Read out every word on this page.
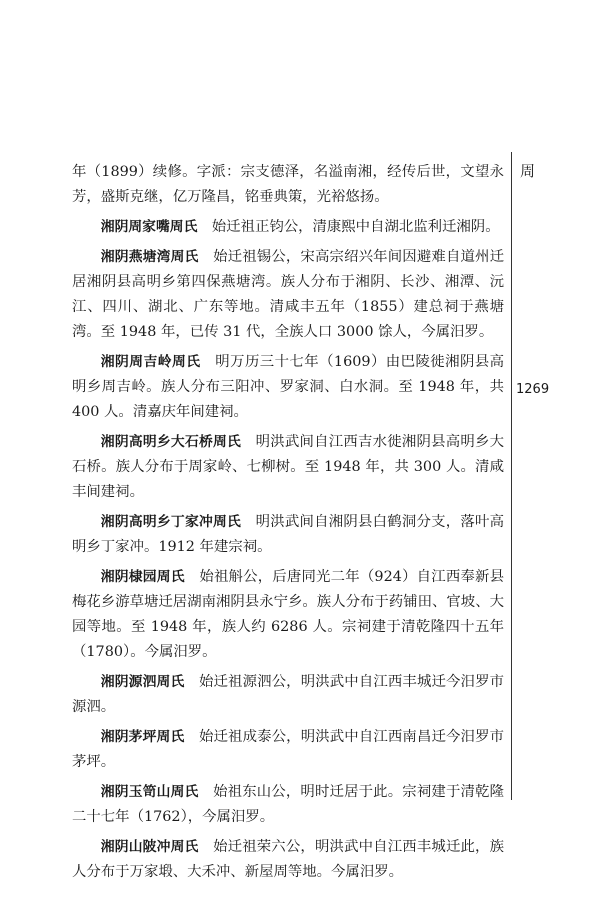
年（1899）续修。字派：宗支德泽，名溢南湘，经传后世，文望永芳，盛斯克继，亿万隆昌，铭垂典策，光裕悠扬。

湘阴周家嘴周氏  始迁祖正钧公，清康熙中自湖北监利迁湘阴。

湘阴燕塘湾周氏  始迁祖锡公，宋高宗绍兴年间因避难自道州迁居湘阴县高明乡第四保燕塘湾。族人分布于湘阴、长沙、湘潭、沅江、四川、湖北、广东等地。清咸丰五年（1855）建总祠于燕塘湾。至 1948 年，已传 31 代，全族人口 3000 馀人，今属汨罗。

湘阴周吉岭周氏  明万历三十七年（1609）由巴陵徙湘阴县高明乡周吉岭。族人分布三阳冲、罗家洞、白水洞。至 1948 年，共 400 人。清嘉庆年间建祠。

湘阴高明乡大石桥周氏  明洪武间自江西吉水徙湘阴县高明乡大石桥。族人分布于周家岭、七柳树。至 1948 年，共 300 人。清咸丰间建祠。

湘阴高明乡丁家冲周氏  明洪武间自湘阴县白鹤洞分支，落叶高明乡丁家冲。1912 年建宗祠。

湘阴棣园周氏  始祖斛公，后唐同光二年（924）自江西奉新县梅花乡游草塘迁居湖南湘阴县永宁乡。族人分布于药铺田、官坡、大园等地。至 1948 年，族人约 6286 人。宗祠建于清乾隆四十五年（1780）。今属汨罗。

湘阴源泗周氏  始迁祖源泗公，明洪武中自江西丰城迁今汨罗市源泗。

湘阴茅坪周氏  始迁祖成泰公，明洪武中自江西南昌迁今汨罗市茅坪。

湘阴玉笥山周氏  始祖东山公，明时迁居于此。宗祠建于清乾隆二十七年（1762），今属汨罗。

湘阴山陂冲周氏  始迁祖荣六公，明洪武中自江西丰城迁此，族人分布于万家塅、大禾冲、新屋周等地。今属汨罗。

周
1269
